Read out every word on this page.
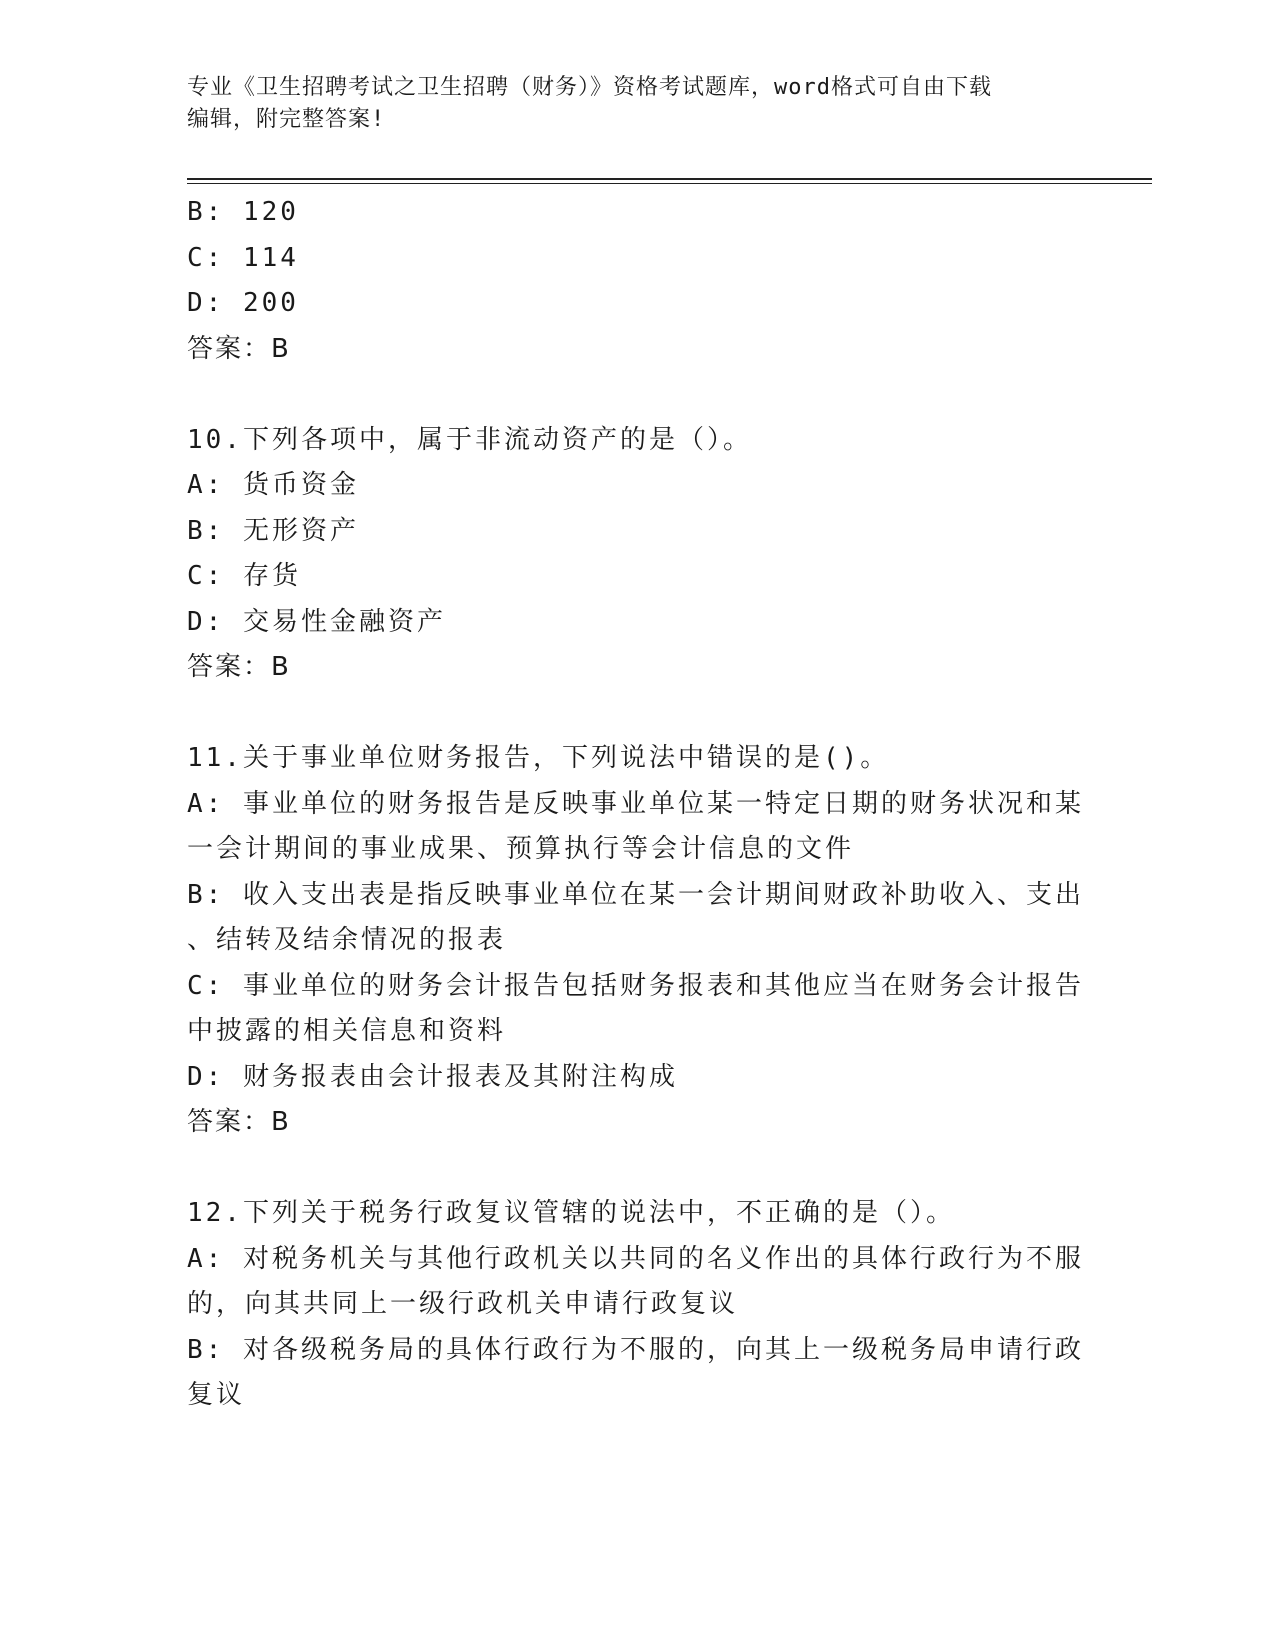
专业《卫生招聘考试之卫生招聘（财务）》资格考试题库，word格式可自由下载
编辑，附完整答案!
B: 120
C: 114
D: 200
答案：B
10.下列各项中，属于非流动资产的是（）。
A: 货币资金
B: 无形资产
C: 存货
D: 交易性金融资产
答案：B
11.关于事业单位财务报告，下列说法中错误的是()。
A: 事业单位的财务报告是反映事业单位某一特定日期的财务状况和某
一会计期间的事业成果、预算执行等会计信息的文件
B: 收入支出表是指反映事业单位在某一会计期间财政补助收入、支出
、结转及结余情况的报表
C: 事业单位的财务会计报告包括财务报表和其他应当在财务会计报告
中披露的相关信息和资料
D: 财务报表由会计报表及其附注构成
答案：B
12.下列关于税务行政复议管辖的说法中，不正确的是（）。
A: 对税务机关与其他行政机关以共同的名义作出的具体行政行为不服
的，向其共同上一级行政机关申请行政复议
B: 对各级税务局的具体行政行为不服的，向其上一级税务局申请行政
复议
